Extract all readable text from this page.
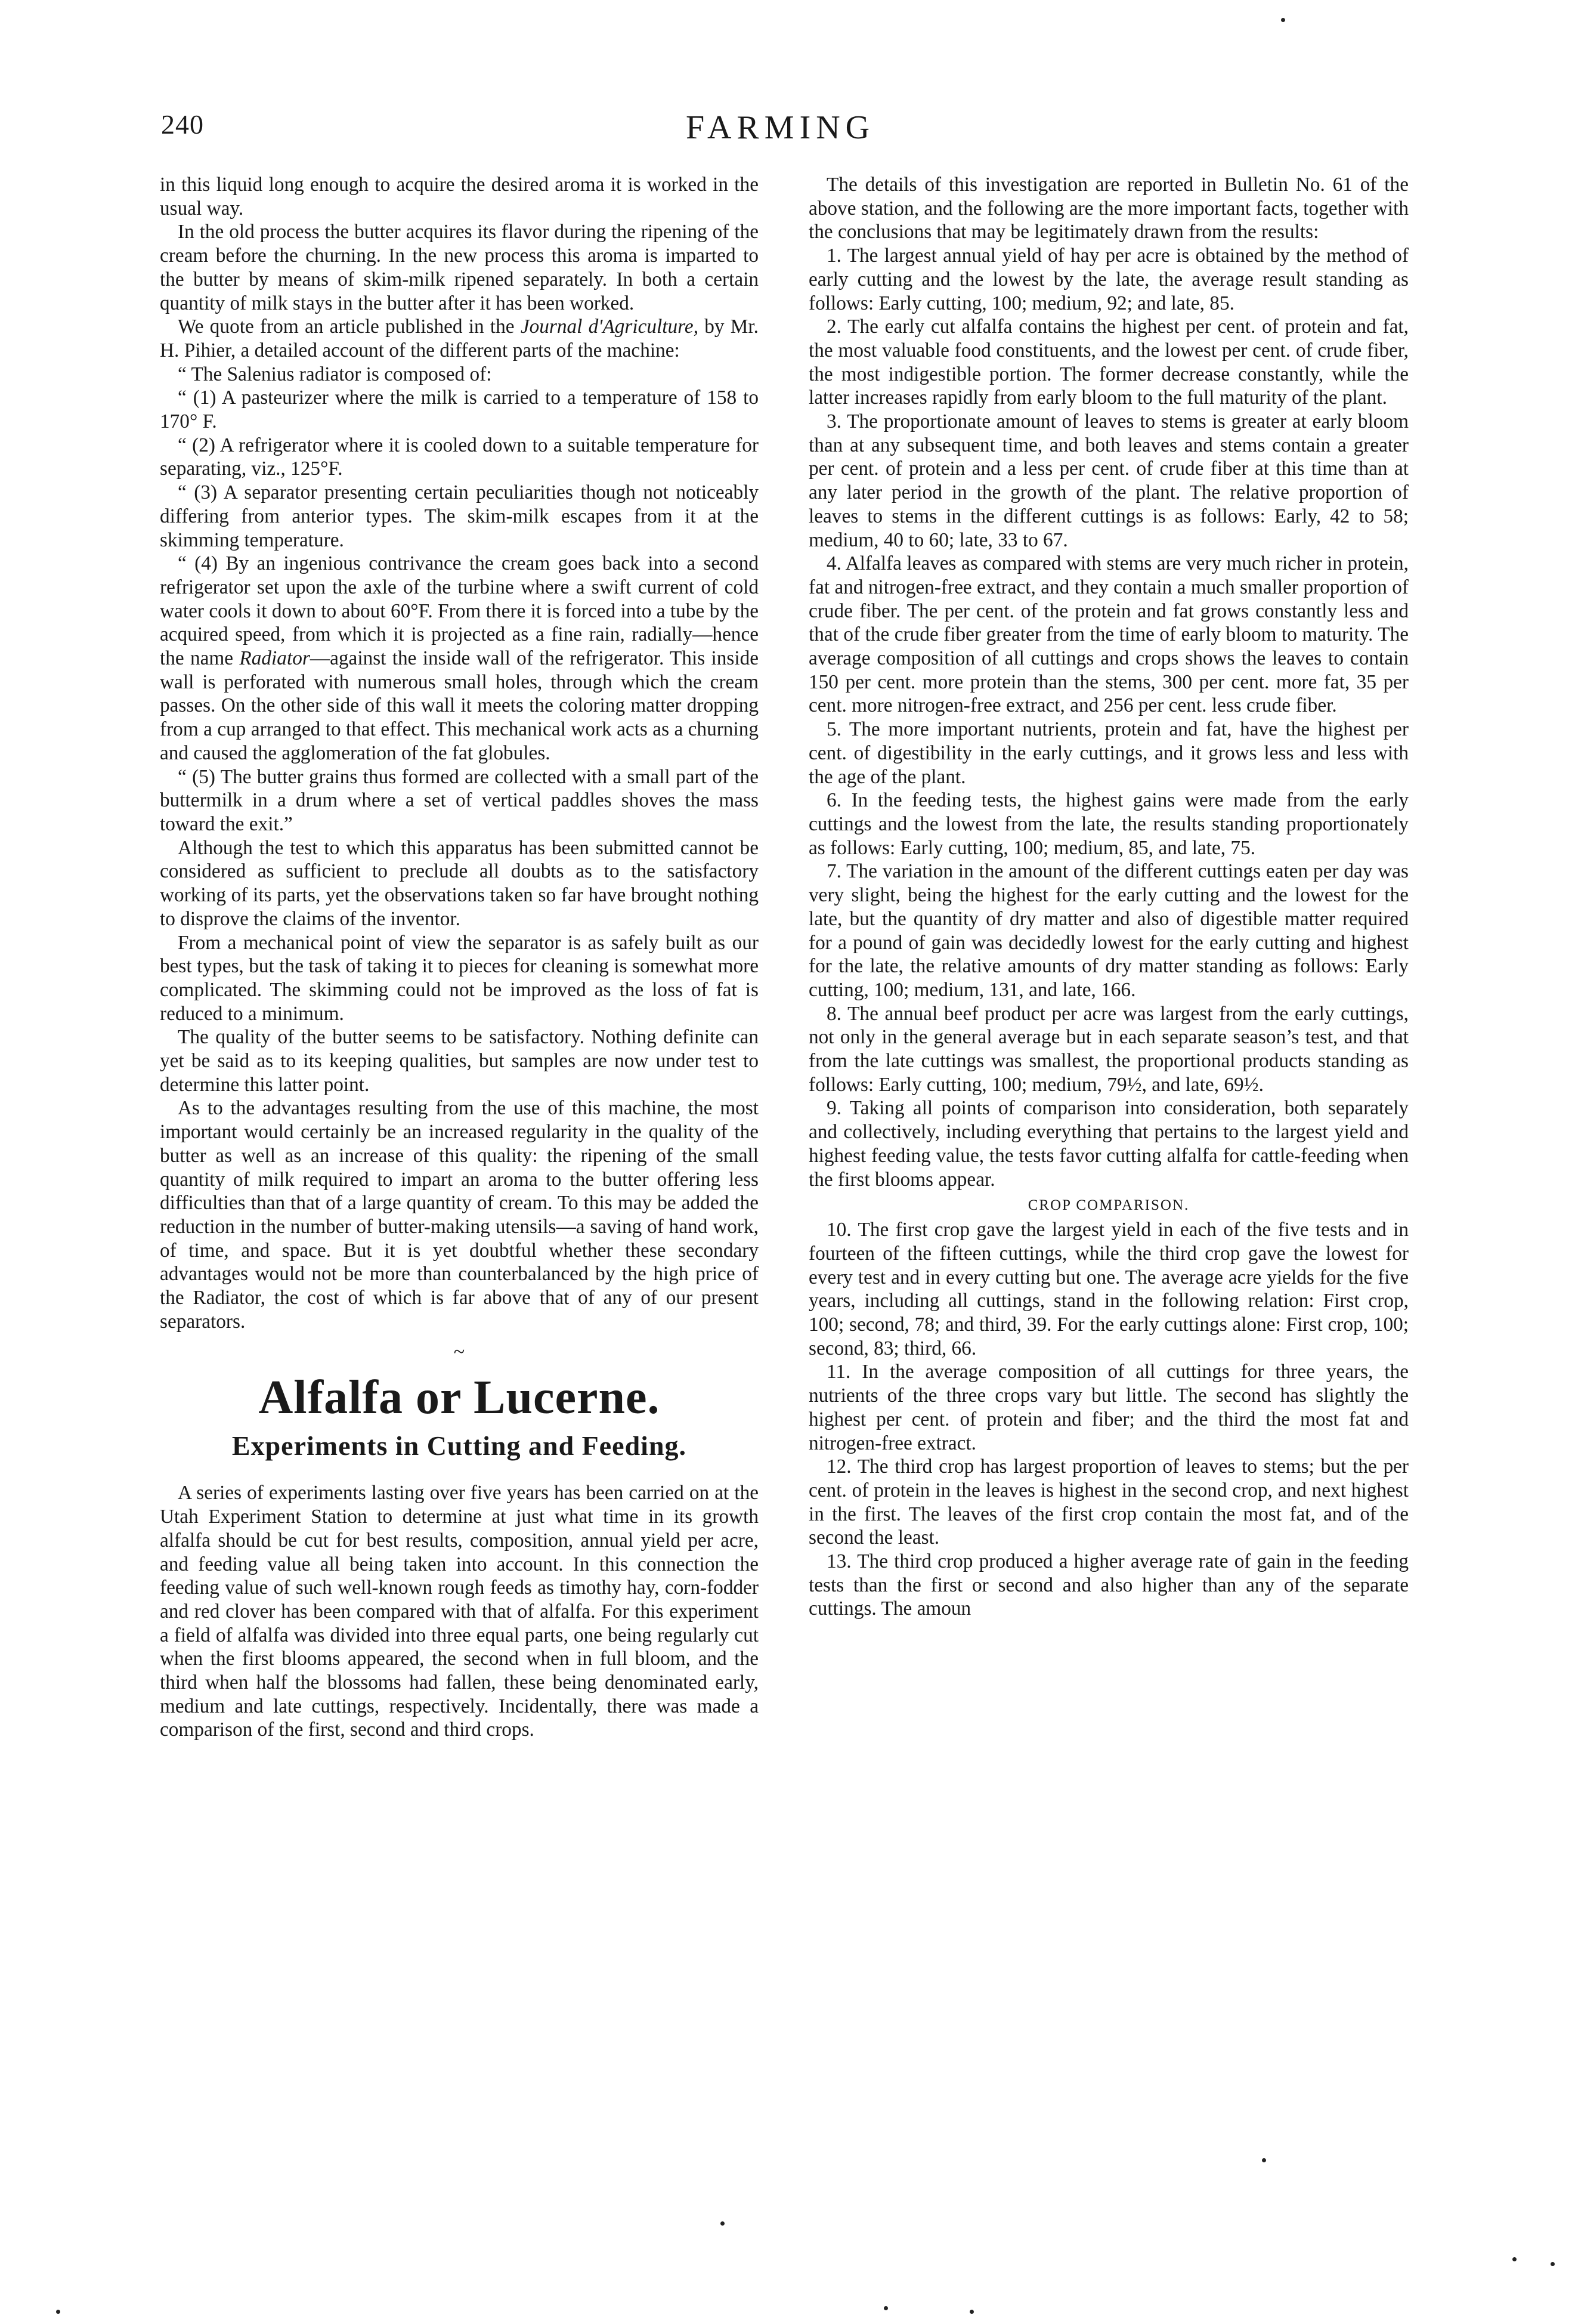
240	FARMING

in this liquid long enough to acquire the desired aroma it is worked in the usual way.

In the old process the butter acquires its flavor during the ripening of the cream before the churning. In the new process this aroma is imparted to the butter by means of skim-milk ripened separately. In both a certain quantity of milk stays in the butter after it has been worked.

We quote from an article published in the Journal d'Agriculture, by Mr. H. Pihier, a detailed account of the different parts of the machine:

“ The Salenius radiator is composed of:

“ (1) A pasteurizer where the milk is carried to a temperature of 158 to 170° F.

“ (2) A refrigerator where it is cooled down to a suitable temperature for separating, viz., 125°F.

“ (3) A separator presenting certain peculiarities though not noticeably differing from anterior types. The skim-milk escapes from it at the skimming temperature.

“ (4) By an ingenious contrivance the cream goes back into a second refrigerator set upon the axle of the turbine where a swift current of cold water cools it down to about 60°F. From there it is forced into a tube by the acquired speed, from which it is projected as a fine rain, radially—hence the name Radiator—against the inside wall of the refrigerator. This inside wall is perforated with numerous small holes, through which the cream passes. On the other side of this wall it meets the coloring matter dropping from a cup arranged to that effect. This mechanical work acts as a churning and caused the agglomeration of the fat globules.

“ (5) The butter grains thus formed are collected with a small part of the buttermilk in a drum where a set of vertical paddles shoves the mass toward the exit.”

Although the test to which this apparatus has been submitted cannot be considered as sufficient to preclude all doubts as to the satisfactory working of its parts, yet the observations taken so far have brought nothing to disprove the claims of the inventor.

From a mechanical point of view the separator is as safely built as our best types, but the task of taking it to pieces for cleaning is somewhat more complicated. The skimming could not be improved as the loss of fat is reduced to a minimum.

The quality of the butter seems to be satisfactory. Nothing definite can yet be said as to its keeping qualities, but samples are now under test to determine this latter point.

As to the advantages resulting from the use of this machine, the most important would certainly be an increased regularity in the quality of the butter as well as an increase of this quality: the ripening of the small quantity of milk required to impart an aroma to the butter offering less difficulties than that of a large quantity of cream. To this may be added the reduction in the number of butter-making utensils—a saving of hand work, of time, and space. But it is yet doubtful whether these secondary advantages would not be more than counterbalanced by the high price of the Radiator, the cost of which is far above that of any of our present separators.

~
Alfalfa or Lucerne.
Experiments in Cutting and Feeding.

A series of experiments lasting over five years has been carried on at the Utah Experiment Station to determine at just what time in its growth alfalfa should be cut for best results, composition, annual yield per acre, and feeding value all being taken into account. In this connection the feeding value of such well-known rough feeds as timothy hay, corn-fodder and red clover has been compared with that of alfalfa. For this experiment a field of alfalfa was divided into three equal parts, one being regularly cut when the first blooms appeared, the second when in full bloom, and the third when half the blossoms had fallen, these being denominated early, medium and late cuttings, respectively. Incidentally, there was made a comparison of the first, second and third crops.

The details of this investigation are reported in Bulletin No. 61 of the above station, and the following are the more important facts, together with the conclusions that may be legitimately drawn from the results:

1. The largest annual yield of hay per acre is obtained by the method of early cutting and the lowest by the late, the average result standing as follows: Early cutting, 100; medium, 92; and late, 85.

2. The early cut alfalfa contains the highest per cent. of protein and fat, the most valuable food constituents, and the lowest per cent. of crude fiber, the most indigestible portion. The former decrease constantly, while the latter increases rapidly from early bloom to the full maturity of the plant.

3. The proportionate amount of leaves to stems is greater at early bloom than at any subsequent time, and both leaves and stems contain a greater per cent. of protein and a less per cent. of crude fiber at this time than at any later period in the growth of the plant. The relative proportion of leaves to stems in the different cuttings is as follows: Early, 42 to 58; medium, 40 to 60; late, 33 to 67.

4. Alfalfa leaves as compared with stems are very much richer in protein, fat and nitrogen-free extract, and they contain a much smaller proportion of crude fiber. The per cent. of the protein and fat grows constantly less and that of the crude fiber greater from the time of early bloom to maturity. The average composition of all cuttings and crops shows the leaves to contain 150 per cent. more protein than the stems, 300 per cent. more fat, 35 per cent. more nitrogen-free extract, and 256 per cent. less crude fiber.

5. The more important nutrients, protein and fat, have the highest per cent. of digestibility in the early cuttings, and it grows less and less with the age of the plant.

6. In the feeding tests, the highest gains were made from the early cuttings and the lowest from the late, the results standing proportionately as follows: Early cutting, 100; medium, 85, and late, 75.

7. The variation in the amount of the different cuttings eaten per day was very slight, being the highest for the early cutting and the lowest for the late, but the quantity of dry matter and also of digestible matter required for a pound of gain was decidedly lowest for the early cutting and highest for the late, the relative amounts of dry matter standing as follows: Early cutting, 100; medium, 131, and late, 166.

8. The annual beef product per acre was largest from the early cuttings, not only in the general average but in each separate season’s test, and that from the late cuttings was smallest, the proportional products standing as follows: Early cutting, 100; medium, 79½, and late, 69½.

9. Taking all points of comparison into consideration, both separately and collectively, including everything that pertains to the largest yield and highest feeding value, the tests favor cutting alfalfa for cattle-feeding when the first blooms appear.

CROP COMPARISON.

10. The first crop gave the largest yield in each of the five tests and in fourteen of the fifteen cuttings, while the third crop gave the lowest for every test and in every cutting but one. The average acre yields for the five years, including all cuttings, stand in the following relation: First crop, 100; second, 78; and third, 39. For the early cuttings alone: First crop, 100; second, 83; third, 66.

11. In the average composition of all cuttings for three years, the nutrients of the three crops vary but little. The second has slightly the highest per cent. of protein and fiber; and the third the most fat and nitrogen-free extract.

12. The third crop has largest proportion of leaves to stems; but the per cent. of protein in the leaves is highest in the second crop, and next highest in the first. The leaves of the first crop contain the most fat, and of the second the least.

13. The third crop produced a higher average rate of gain in the feeding tests than the first or second and also higher than any of the separate cuttings. The amoun
